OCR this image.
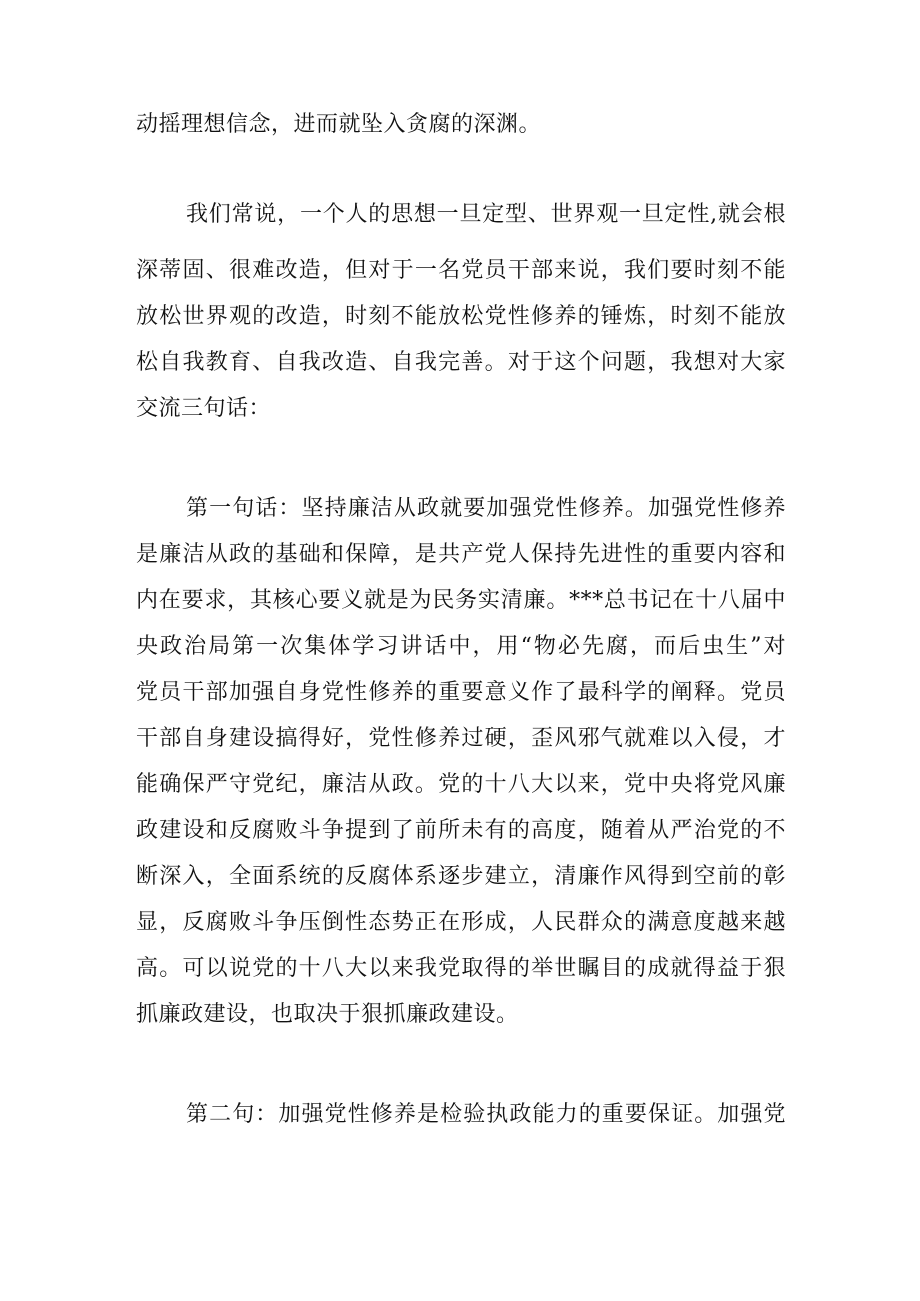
动摇理想信念，进而就坠入贪腐的深渊。
我们常说，一个人的思想一旦定型、世界观一旦定性,就会根
深蒂固、很难改造，但对于一名党员干部来说，我们要时刻不能
放松世界观的改造，时刻不能放松党性修养的锤炼，时刻不能放
松自我教育、自我改造、自我完善。对于这个问题，我想对大家
交流三句话：
第一句话：坚持廉洁从政就要加强党性修养。加强党性修养
是廉洁从政的基础和保障，是共产党人保持先进性的重要内容和
内在要求，其核心要义就是为民务实清廉。***总书记在十八届中
央政治局第一次集体学习讲话中，用“物必先腐，而后虫生”对
党员干部加强自身党性修养的重要意义作了最科学的阐释。党员
干部自身建设搞得好，党性修养过硬，歪风邪气就难以入侵，才
能确保严守党纪，廉洁从政。党的十八大以来，党中央将党风廉
政建设和反腐败斗争提到了前所未有的高度，随着从严治党的不
断深入，全面系统的反腐体系逐步建立，清廉作风得到空前的彰
显，反腐败斗争压倒性态势正在形成，人民群众的满意度越来越
高。可以说党的十八大以来我党取得的举世瞩目的成就得益于狠
抓廉政建设，也取决于狠抓廉政建设。
第二句：加强党性修养是检验执政能力的重要保证。加强党
